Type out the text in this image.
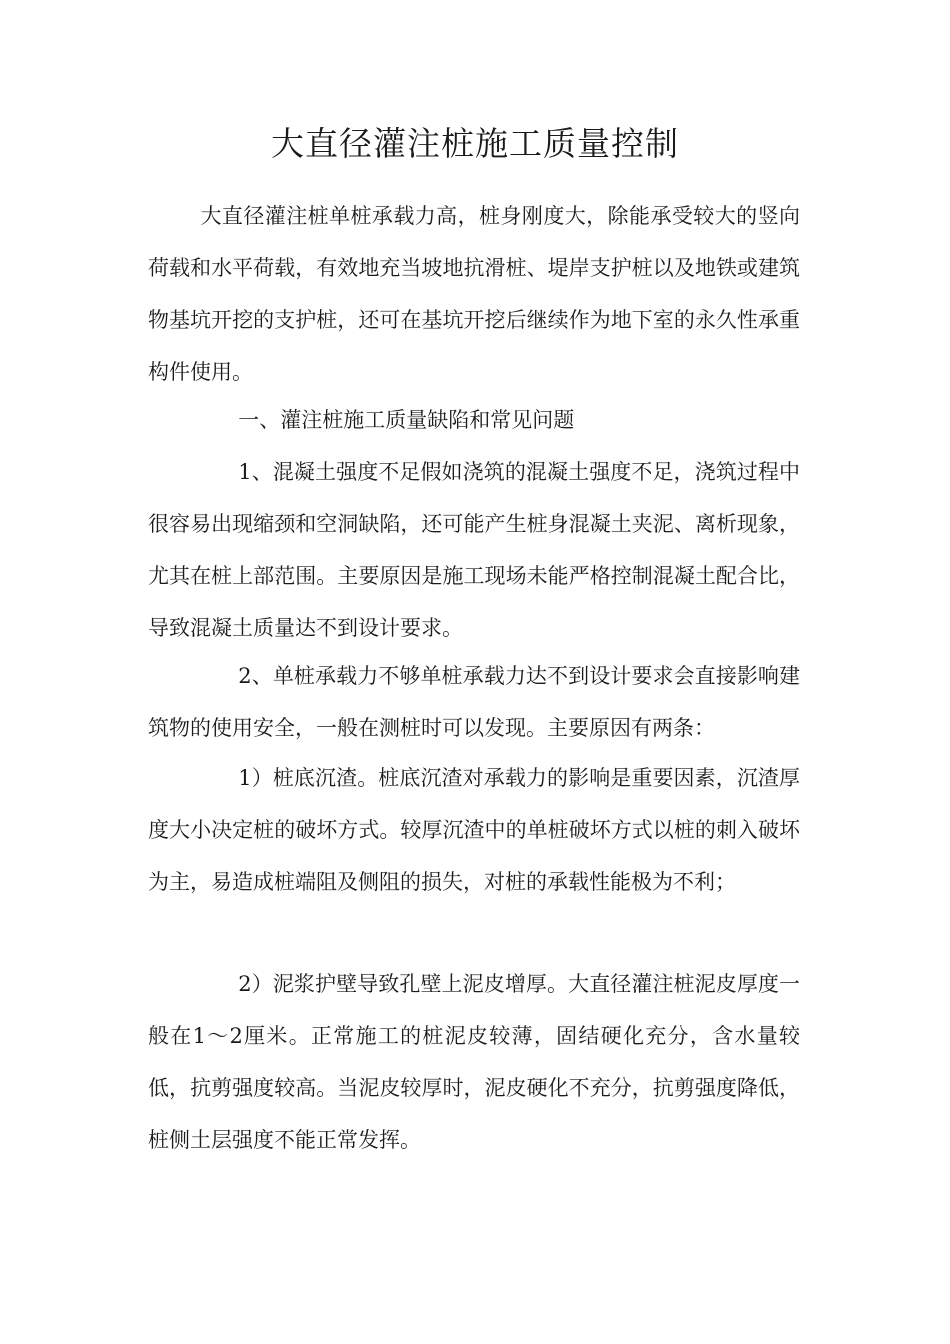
大直径灌注桩施工质量控制

大直径灌注桩单桩承载力高，桩身刚度大，除能承受较大的竖向荷载和水平荷载，有效地充当坡地抗滑桩、堤岸支护桩以及地铁或建筑物基坑开挖的支护桩，还可在基坑开挖后继续作为地下室的永久性承重构件使用。

一、灌注桩施工质量缺陷和常见问题

1、混凝土强度不足假如浇筑的混凝土强度不足，浇筑过程中很容易出现缩颈和空洞缺陷，还可能产生桩身混凝土夹泥、离析现象，尤其在桩上部范围。主要原因是施工现场未能严格控制混凝土配合比，导致混凝土质量达不到设计要求。

2、单桩承载力不够单桩承载力达不到设计要求会直接影响建筑物的使用安全，一般在测桩时可以发现。主要原因有两条：

1）桩底沉渣。桩底沉渣对承载力的影响是重要因素，沉渣厚度大小决定桩的破坏方式。较厚沉渣中的单桩破坏方式以桩的刺入破坏为主，易造成桩端阻及侧阻的损失，对桩的承载性能极为不利；

2）泥浆护壁导致孔壁上泥皮增厚。大直径灌注桩泥皮厚度一般在1～2厘米。正常施工的桩泥皮较薄，固结硬化充分，含水量较低，抗剪强度较高。当泥皮较厚时，泥皮硬化不充分，抗剪强度降低，桩侧土层强度不能正常发挥。
